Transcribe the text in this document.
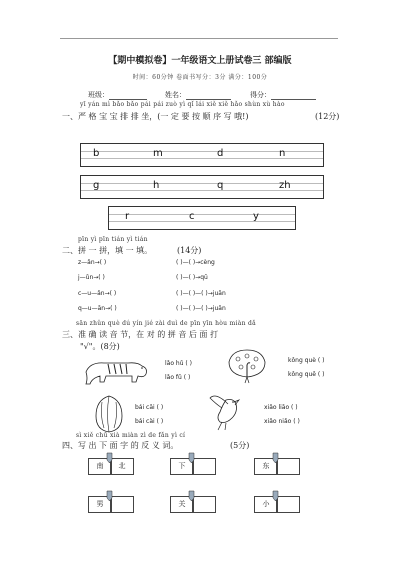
【期中模拟卷】一年级语文上册试卷三 部编版
时间：60分钟 卷面书写分：3分 满分：100分
班级：	姓名：	得分：
yī yán mì bǎo bǎo pái pái zuò yì qǐ lái xiě xiě hǎo shùn xù hào
一、严 格 宝 宝 排 排 坐，(一 定 要 按 顺 序 写 哦!)	(12分)
b	m	d	n
g	h	q	zh
r	c	y
pīn yì pīn tián yì tián
二、拼 一 拼，填 一 填。	(14分)
z—ǎn→( )	( )—( )→cèng
j—ǔn→( )	( )—( )→qū
c—u—ǎn→( )	( )—( )—( )→juān
q—u—ān→( )	( )—( )—( )→juān
sān zhǔn què dú yín jié zài duì de pīn yīn hòu miàn dǎ
三、准 确 读 音 节，在 对 的 拼 音 后 面 打
"√"。(8分)
lǎo hǔ ( )
lǎo fǔ ( )
kǒng què ( )
kǒng quē ( )
bái cāi ( )
bái cài ( )
xiǎo liāo ( )
xiǎo niǎo ( )
sì xiě chū xià miàn zì de fǎn yì cí
四、写 出 下 面 字 的 反 义 词。	(5分)
南	北	下	东
男	关	小
